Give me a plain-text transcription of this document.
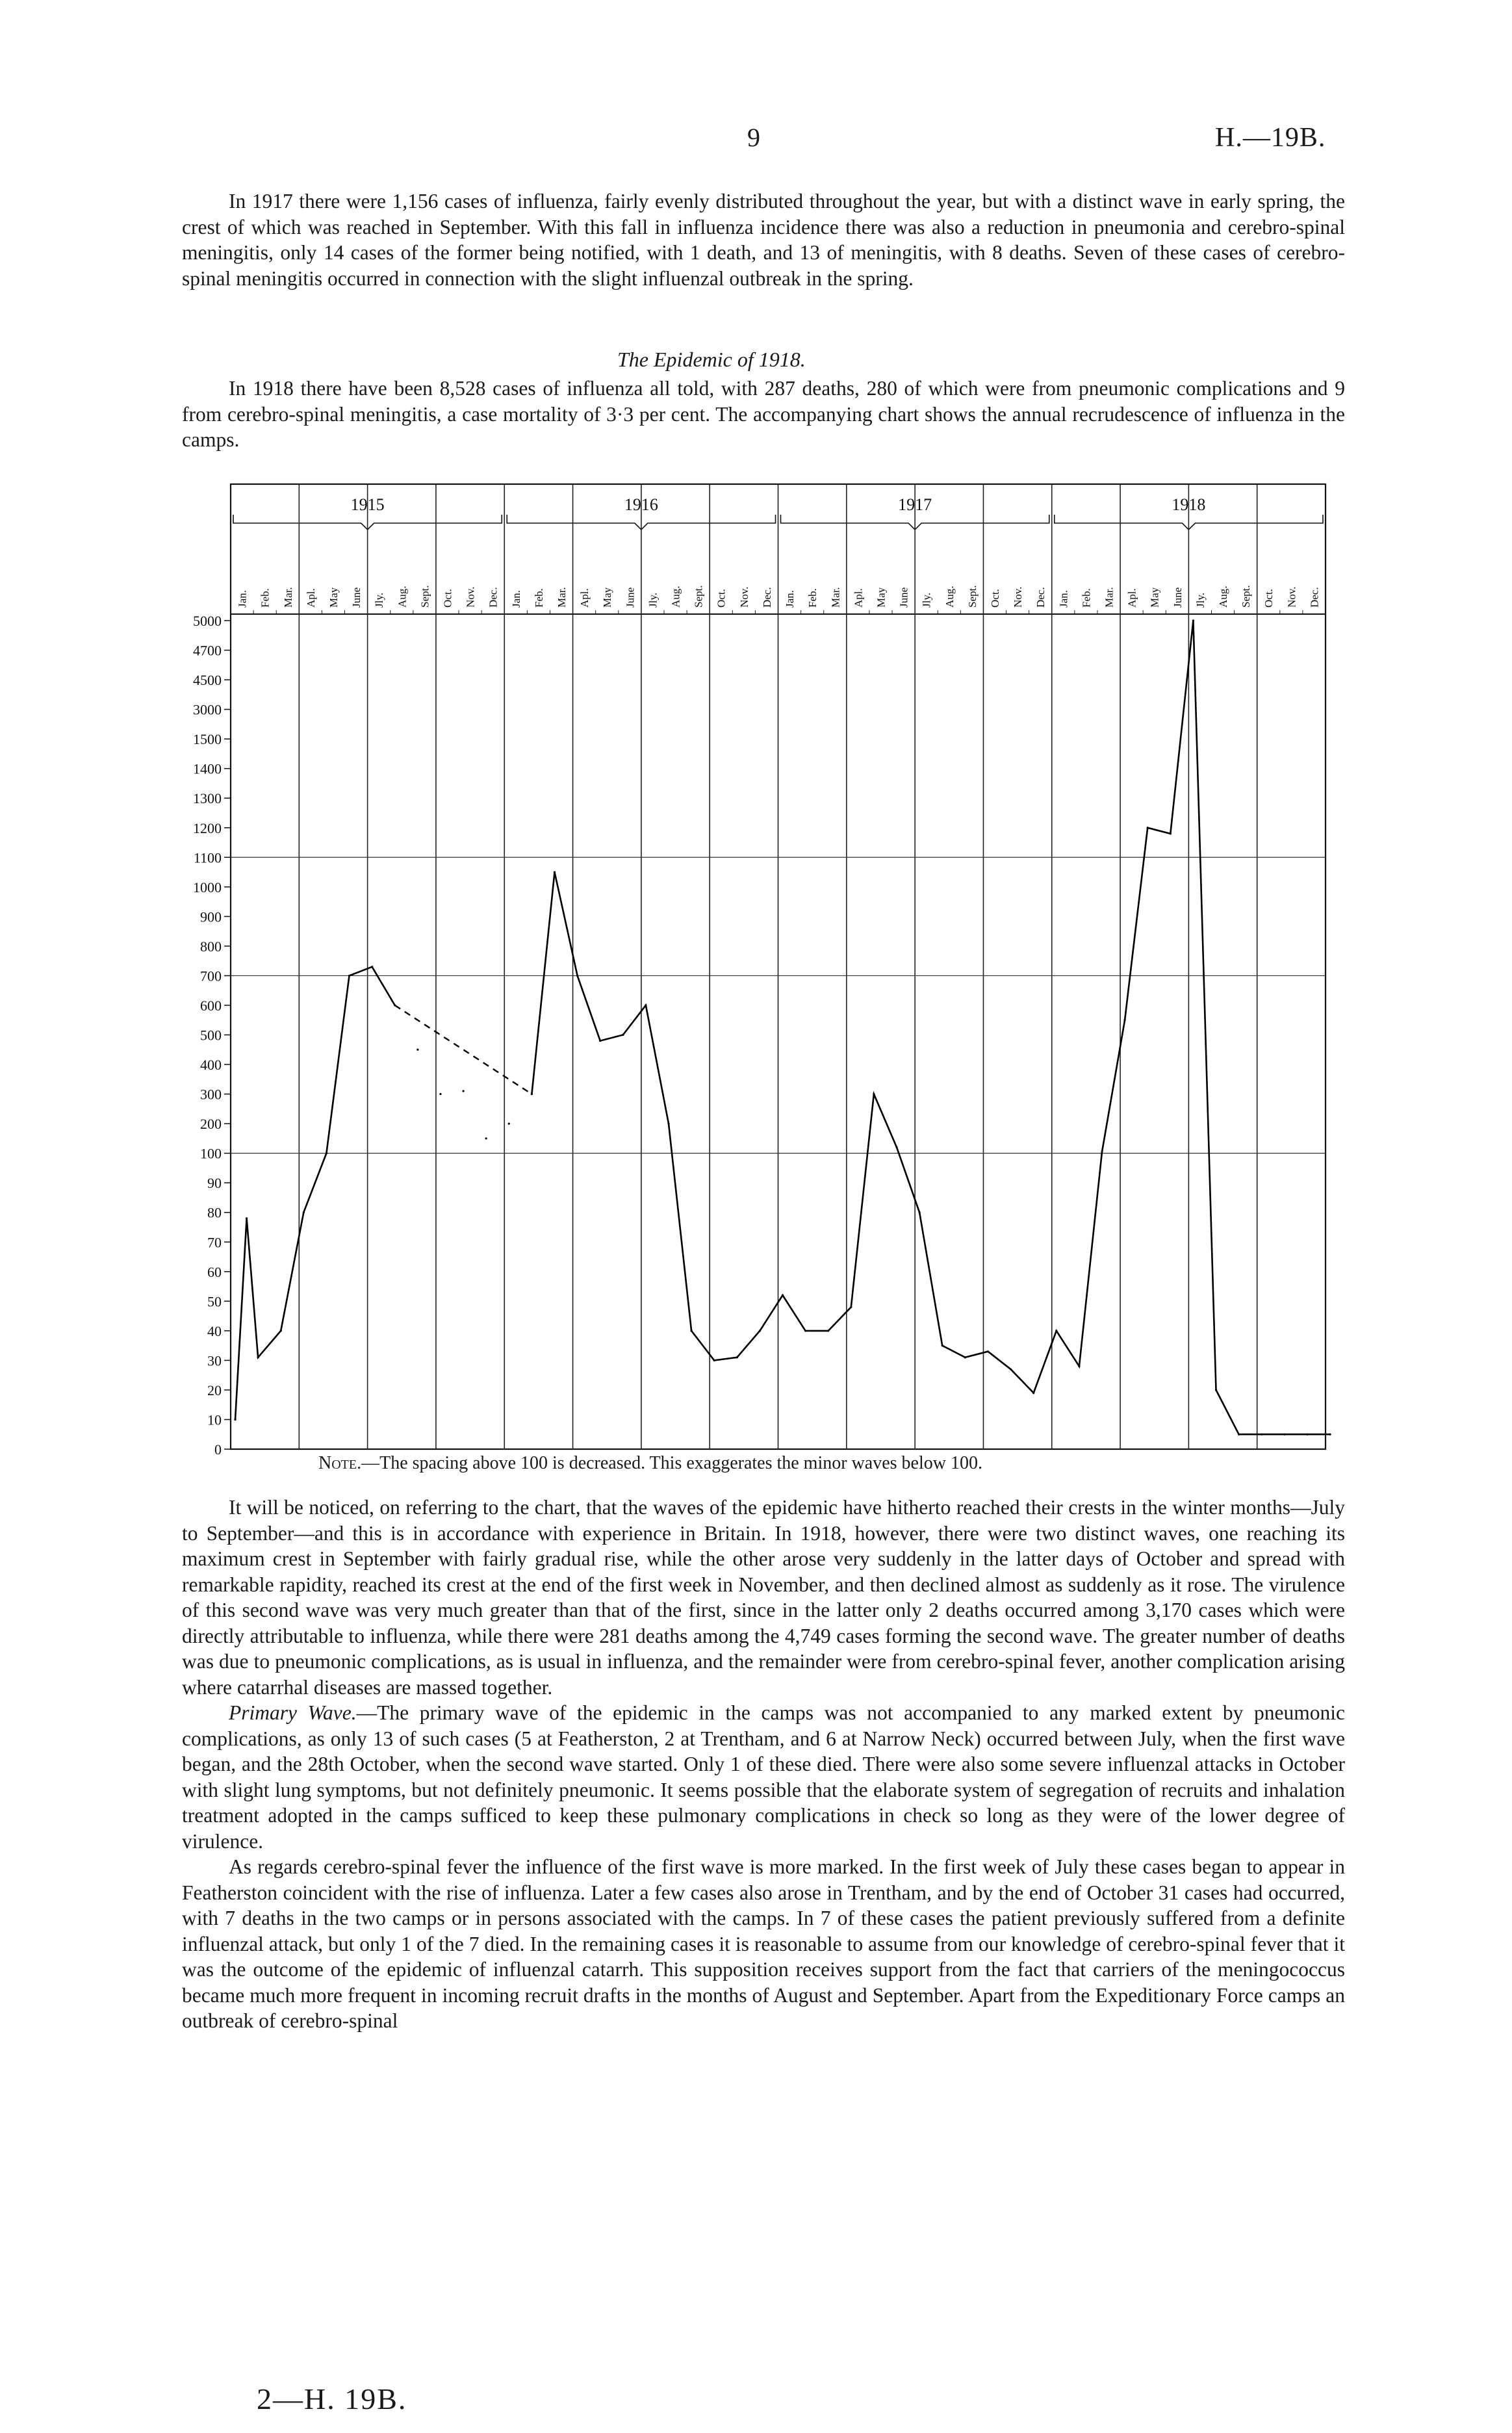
9	H.—19B.

In 1917 there were 1,156 cases of influenza, fairly evenly distributed throughout the year, but with a distinct wave in early spring, the crest of which was reached in September. With this fall in influenza incidence there was also a reduction in pneumonia and cerebro-spinal meningitis, only 14 cases of the former being notified, with 1 death, and 13 of meningitis, with 8 deaths. Seven of these cases of cerebro-spinal meningitis occurred in connection with the slight influenzal outbreak in the spring.

The Epidemic of 1918.

In 1918 there have been 8,528 cases of influenza all told, with 287 deaths, 280 of which were from pneumonic complications and 9 from cerebro-spinal meningitis, a case mortality of 3·3 per cent. The accompanying chart shows the annual recrudescence of influenza in the camps.

1915	1916	1917	1918
Jan. Feb. Mar. Apl. May June Jly. Aug. Sept. Oct. Nov. Dec. Jan. Feb. Mar. Apl. May June Jly. Aug. Sept. Oct. Nov. Dec. Jan. Feb. Mar. Apl. May June Jly. Aug. Sept. Oct. Nov. Dec. Jan. Feb. Mar. Apl. May June Jly. Aug. Sept. Oct. Nov. Dec.
0
10
20
30
40
50
60
70
80
90
100
200
300
400
500
600
700
800
900
1000
1100
1200
1300
1400
1500
3000
4500
4700
5000
Note.—The spacing above 100 is decreased. This exaggerates the minor waves below 100.

It will be noticed, on referring to the chart, that the waves of the epidemic have hitherto reached their crests in the winter months—July to September—and this is in accordance with experience in Britain. In 1918, however, there were two distinct waves, one reaching its maximum crest in September with fairly gradual rise, while the other arose very suddenly in the latter days of October and spread with remarkable rapidity, reached its crest at the end of the first week in November, and then declined almost as suddenly as it rose. The virulence of this second wave was very much greater than that of the first, since in the latter only 2 deaths occurred among 3,170 cases which were directly attributable to influenza, while there were 281 deaths among the 4,749 cases forming the second wave. The greater number of deaths was due to pneumonic complications, as is usual in influenza, and the remainder were from cerebro-spinal fever, another complication arising where catarrhal diseases are massed together.

Primary Wave.—The primary wave of the epidemic in the camps was not accompanied to any marked extent by pneumonic complications, as only 13 of such cases (5 at Featherston, 2 at Trentham, and 6 at Narrow Neck) occurred between July, when the first wave began, and the 28th October, when the second wave started. Only 1 of these died. There were also some severe influenzal attacks in October with slight lung symptoms, but not definitely pneumonic. It seems possible that the elaborate system of segregation of recruits and inhalation treatment adopted in the camps sufficed to keep these pulmonary complications in check so long as they were of the lower degree of virulence.

As regards cerebro-spinal fever the influence of the first wave is more marked. In the first week of July these cases began to appear in Featherston coincident with the rise of influenza. Later a few cases also arose in Trentham, and by the end of October 31 cases had occurred, with 7 deaths in the two camps or in persons associated with the camps. In 7 of these cases the patient previously suffered from a definite influenzal attack, but only 1 of the 7 died. In the remaining cases it is reasonable to assume from our knowledge of cerebro-spinal fever that it was the outcome of the epidemic of influenzal catarrh. This supposition receives support from the fact that carriers of the meningococcus became much more frequent in incoming recruit drafts in the months of August and September. Apart from the Expeditionary Force camps an outbreak of cerebro-spinal

2—H. 19B.
